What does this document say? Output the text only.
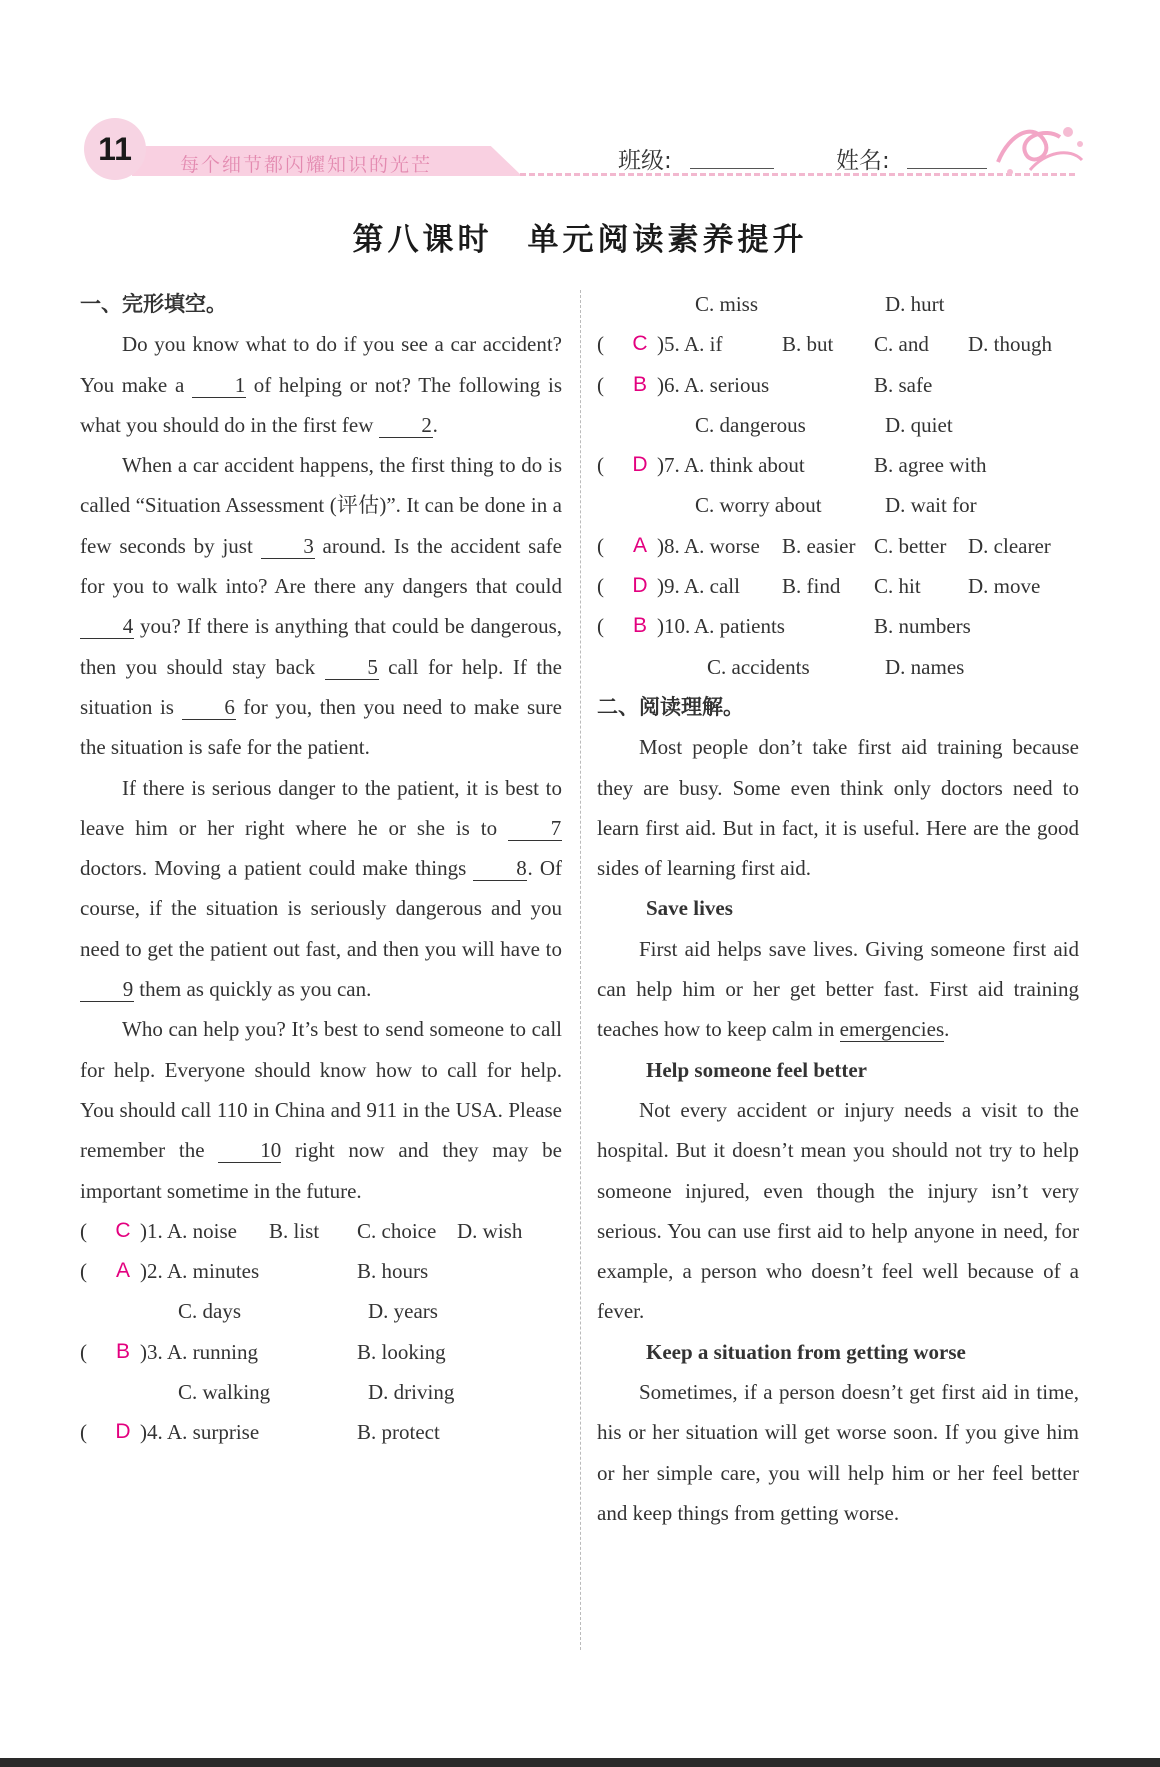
11	每个细节都闪耀知识的光芒	班级:	姓名:
第八课时　单元阅读素养提升
一、完形填空。

Do you know what to do if you see a car accident? You make a 1 of helping or not? The following is what you should do in the first few 2.

When a car accident happens, the first thing to do is called “Situation Assessment (评估)”. It can be done in a few seconds by just 3 around. Is the accident safe for you to walk into? Are there any dangers that could 4 you? If there is anything that could be dangerous, then you should stay back 5 call for help. If the situation is 6 for you, then you need to make sure the situation is safe for the patient.

If there is serious danger to the patient, it is best to leave him or her right where he or she is to 7 doctors. Moving a patient could make things 8. Of course, if the situation is seriously dangerous and you need to get the patient out fast, and then you will have to 9 them as quickly as you can.

Who can help you? It’s best to send someone to call for help. Everyone should know how to call for help. You should call 110 in China and 911 in the USA. Please remember the 10 right now and they may be important sometime in the future.

(	C ) 1. A. noise	B. list	C. choice D. wish
(	A ) 2. A. minutes	B. hours
C. days	D. years
(	B ) 3. A. running	B. looking
C. walking	D. driving
(	D ) 4. A. surprise	B. protect
C. miss	D. hurt
(	C ) 5. A. if	B. but	C. and	D. though
(	B ) 6. A. serious	B. safe
C. dangerous	D. quiet
(	D ) 7. A. think about	B. agree with
C. worry about	D. wait for
(	A ) 8. A. worse	B. easier C. better	D. clearer
(	D ) 9. A. call	B. find	C. hit	D. move
(	B ) 10. A. patients	B. numbers
C. accidents	D. names
二、阅读理解。

Most people don’t take first aid training because they are busy. Some even think only doctors need to learn first aid. But in fact, it is useful. Here are the good sides of learning first aid.

Save lives

First aid helps save lives. Giving someone first aid can help him or her get better fast. First aid training teaches how to keep calm in emergencies.

Help someone feel better

Not every accident or injury needs a visit to the hospital. But it doesn’t mean you should not try to help someone injured, even though the injury isn’t very serious. You can use first aid to help anyone in need, for example, a person who doesn’t feel well because of a fever.

Keep a situation from getting worse

Sometimes, if a person doesn’t get first aid in time, his or her situation will get worse soon. If you give him or her simple care, you will help him or her feel better and keep things from getting worse.
